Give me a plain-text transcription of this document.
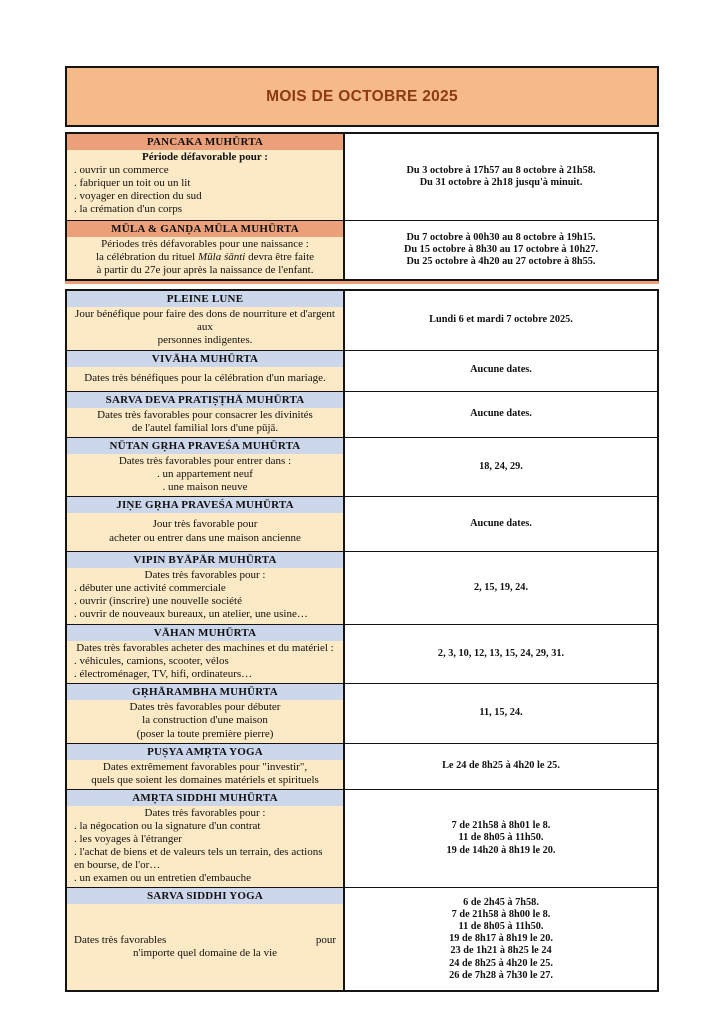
MOIS DE OCTOBRE 2025
PANCAKA MUHŪRTA
Période défavorable pour :
. ouvrir un commerce
. fabriquer un toit ou un lit
. voyager en direction du sud
. la crémation d'un corps
Du 3 octobre à 17h57 au 8 octobre à 21h58.
Du 31 octobre à 2h18 jusqu'à minuit.
MŪLA & GANḌA MŪLA MUHŪRTA
Périodes très défavorables pour une naissance :
la célébration du rituel Mūla śānti devra être faite
à partir du 27e jour après la naissance de l'enfant.
Du 7 octobre à 00h30 au 8 octobre à 19h15.
Du 15 octobre à 8h30 au 17 octobre à 10h27.
Du 25 octobre à 4h20 au 27 octobre à 8h55.
PLEINE LUNE
Jour bénéfique pour faire des dons de nourriture et d'argent aux
personnes indigentes.
Lundi 6 et mardi 7 octobre 2025.
VIVĀHA MUHŪRTA
Dates très bénéfiques pour la célébration d'un mariage.
Aucune dates.
SARVA DEVA PRATIṢṬHĀ MUHŪRTA
Dates très favorables pour consacrer les divinités
de l'autel familial lors d'une pūjā.
Aucune dates.
NŪTAN GṚHA PRAVEŚA MUHŪRTA
Dates très favorables pour entrer dans :
. un appartement neuf
. une maison neuve
18, 24, 29.
JIṆE GṚHA PRAVEŚA MUHŪRTA
Jour très favorable pour
acheter ou entrer dans une maison ancienne
Aucune dates.
VIPIN BYĀPĀR MUHŪRTA
Dates très favorables pour :
. débuter une activité commerciale
. ouvrir (inscrire) une nouvelle société
. ouvrir de nouveaux bureaux, un atelier, une usine…
2, 15, 19, 24.
VĀHAN MUHŪRTA
Dates très favorables acheter des machines et du matériel :
. véhicules, camions, scooter, vélos
. électroménager, TV, hifi, ordinateurs…
2, 3, 10, 12, 13, 15, 24, 29, 31.
GṚHĀRAMBHA MUHŪRTA
Dates très favorables pour débuter
la construction d'une maison
(poser la toute première pierre)
11, 15, 24.
PUṢYA AMṚTA YOGA
Dates extrêmement favorables pour "investir",
quels que soient les domaines matériels et spirituels
Le 24 de 8h25 à 4h20 le 25.
AMṚTA SIDDHI MUHŪRTA
Dates très favorables pour :
. la négocation ou la signature d'un contrat
. les voyages à l'étranger
. l'achat de biens et de valeurs tels un terrain, des actions
en bourse, de l'or…
. un examen ou un entretien d'embauche
7 de 21h58 à 8h01 le 8.
11 de 8h05 à 11h50.
19 de 14h20 à 8h19 le 20.
SARVA SIDDHI YOGA
Dates très favorables	pour
n'importe quel domaine de la vie
6 de 2h45 à 7h58.
7 de 21h58 à 8h00 le 8.
11 de 8h05 à 11h50.
19 de 8h17 à 8h19 le 20.
23 de 1h21 à 8h25 le 24
24 de 8h25 à 4h20 le 25.
26 de 7h28 à 7h30 le 27.
